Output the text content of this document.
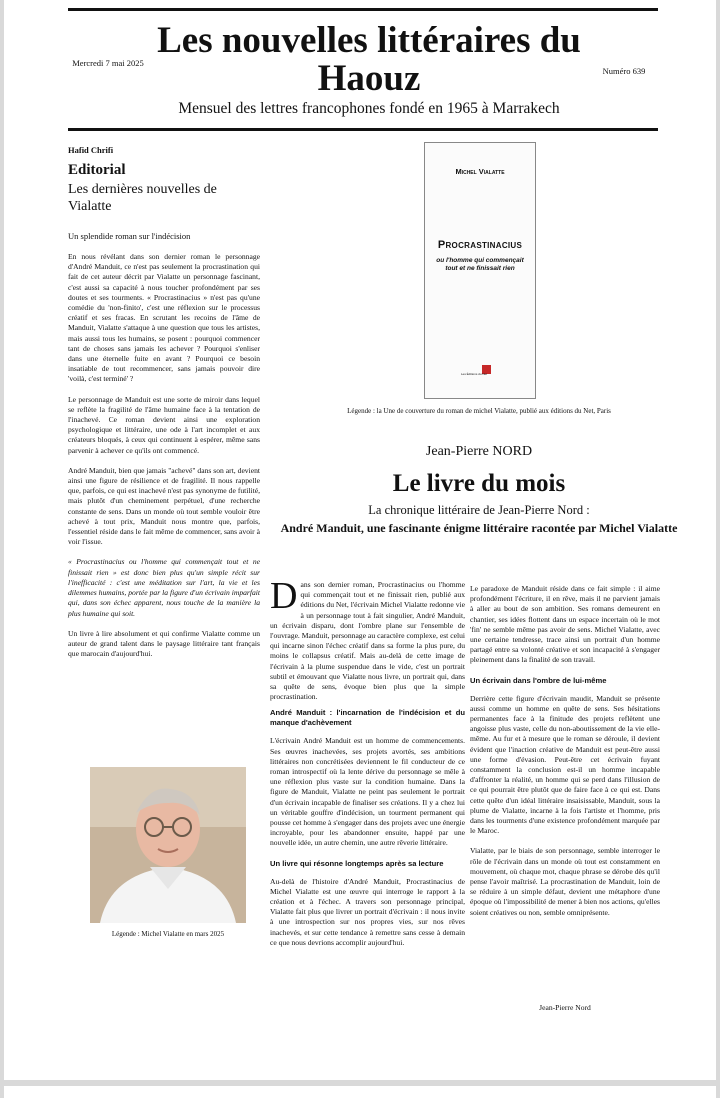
Mercredi 7 mai 2025
Les nouvelles littéraires du Haouz
Mensuel des lettres francophones fondé en 1965 à Marrakech
Numéro 639
Hafid Chrifi
Editorial
Les dernières nouvelles de Vialatte
Un splendide roman sur l'indécision

En nous révélant dans son dernier roman le personnage d'André Manduit, ce n'est pas seulement la procrastination qui fait de cet auteur décrit par Vialatte un personnage fascinant, c'est aussi sa capacité à nous toucher profondément par ses doutes et ses tourments. « Procrastinacius » n'est pas qu'une comédie du 'non-finito', c'est une réflexion sur le processus créatif et ses fracas. En scrutant les recoins de l'âme de Manduit, Vialatte s'attaque à une question que tous les artistes, mais aussi tous les humains, se posent : pourquoi commencer tant de choses sans jamais les achever ? Pourquoi s'enliser dans une éternelle fuite en avant ? Pourquoi ce besoin insatiable de tout recommencer, sans jamais pouvoir dire 'voilà, c'est terminé' ?

Le personnage de Manduit est une sorte de miroir dans lequel se reflète la fragilité de l'âme humaine face à la tentation de l'inachevé. Ce roman devient ainsi une exploration psychologique et littéraire, une ode à l'art incomplet et aux créateurs bloqués, à ceux qui continuent à espérer, même sans parvenir à achever ce qu'ils ont commencé.

André Manduit, bien que jamais "achevé" dans son art, devient ainsi une figure de résilience et de fragilité. Il nous rappelle que, parfois, ce qui est inachevé n'est pas synonyme de futilité, mais plutôt d'un cheminement perpétuel, d'une recherche constante de sens. Dans un monde où tout semble vouloir être achevé à tout prix, Manduit nous montre que, parfois, l'essentiel réside dans le fait même de commencer, sans avoir à voir l'issue.

« Procrastinacius ou l'homme qui commençait tout et ne finissait rien » est donc bien plus qu'un simple récit sur l'inefficacité : c'est une méditation sur l'art, la vie et les dilemmes humains, portée par la figure d'un écrivain imparfait qui, dans son échec apparent, nous touche de la manière la plus humaine qui soit.

Un livre à lire absolument et qui confirme Vialatte comme un auteur de grand talent dans le paysage littéraire tant français que marocain d'aujourd'hui.

Légende : Michel Vialatte en mars 2025
Michel Vialatte
Procrastinacius
ou l'homme qui commençait tout et ne finissait rien
Les Éditions du Net
Légende : la Une de couverture du roman de michel Vialatte, publié aux éditions du Net, Paris
Jean-Pierre NORD
Le livre du mois
La chronique littéraire de Jean-Pierre Nord :
André Manduit, une fascinante énigme littéraire racontée par Michel Vialatte

Dans son dernier roman, Procrastinacius ou l'homme qui commençait tout et ne finissait rien, publié aux éditions du Net, l'écrivain Michel Vialatte redonne vie à un personnage tout à fait singulier, André Manduit, un écrivain disparu, dont l'ombre plane sur l'ensemble de l'ouvrage. Manduit, personnage au caractère complexe, est celui qui incarne sinon l'échec créatif dans sa forme la plus pure, du moins le collapsus créatif. Mais au-delà de cette image de l'écrivain à la plume suspendue dans le vide, c'est un portrait subtil et émouvant que Vialatte nous livre, un portrait qui, dans sa quête de sens, évoque bien plus que la simple procrastination.

André Manduit : l'incarnation de l'indécision et du manque d'achèvement

L'écrivain André Manduit est un homme de commencements. Ses œuvres inachevées, ses projets avortés, ses ambitions littéraires non concrétisées deviennent le fil conducteur de ce roman introspectif où la lente dérive du personnage se mêle à une réflexion plus vaste sur la condition humaine. Dans la figure de Manduit, Vialatte ne peint pas seulement le portrait d'un écrivain incapable de finaliser ses créations. Il y a chez lui un véritable gouffre d'indécision, un tourment permanent qui pousse cet homme à s'engager dans des projets avec une énergie incroyable, pour les abandonner ensuite, happé par une nouvelle idée, un autre chemin, une autre rêverie littéraire.

Un livre qui résonne longtemps après sa lecture

Au-delà de l'histoire d'André Manduit, Procrastinacius de Michel Vialatte est une œuvre qui interroge le rapport à la création et à l'échec. A travers son personnage principal, Vialatte fait plus que livrer un portrait d'écrivain : il nous invite à une introspection sur nos propres vies, sur nos rêves inachevés, et sur cette tendance à remettre sans cesse à demain ce que nous devrions accomplir aujourd'hui.

Le paradoxe de Manduit réside dans ce fait simple : il aime profondément l'écriture, il en rêve, mais il ne parvient jamais à aller au bout de son ambition. Ses romans demeurent en chantier, ses idées flottent dans un espace incertain où le mot 'fin' ne semble même pas avoir de sens. Michel Vialatte, avec une certaine tendresse, trace ainsi un portrait d'un homme partagé entre sa volonté créative et son incapacité à s'engager pleinement dans la finalité de son travail.

Un écrivain dans l'ombre de lui-même

Derrière cette figure d'écrivain maudit, Manduit se présente aussi comme un homme en quête de sens. Ses hésitations permanentes face à la finitude des projets reflètent une angoisse plus vaste, celle du non-aboutissement de la vie elle-même. Au fur et à mesure que le roman se déroule, il devient évident que l'inaction créative de Manduit est peut-être aussi une forme d'évasion. Peut-être cet écrivain fuyant constamment la conclusion est-il un homme incapable d'affronter la réalité, un homme qui se perd dans l'illusion de ce qui pourrait être plutôt que de faire face à ce qui est. Dans cette quête d'un idéal littéraire insaisissable, Manduit, sous la plume de Vialatte, incarne à la fois l'artiste et l'homme, pris dans les tourments d'une existence profondément marquée par le Maroc.

Vialatte, par le biais de son personnage, semble interroger le rôle de l'écrivain dans un monde où tout est constamment en mouvement, où chaque mot, chaque phrase se dérobe dès qu'il pense l'avoir maîtrisé. La procrastination de Manduit, loin de se réduire à un simple défaut, devient une métaphore d'une époque où l'impossibilité de mener à bien nos actions, qu'elles soient créatives ou non, semble omniprésente.

Jean-Pierre Nord
